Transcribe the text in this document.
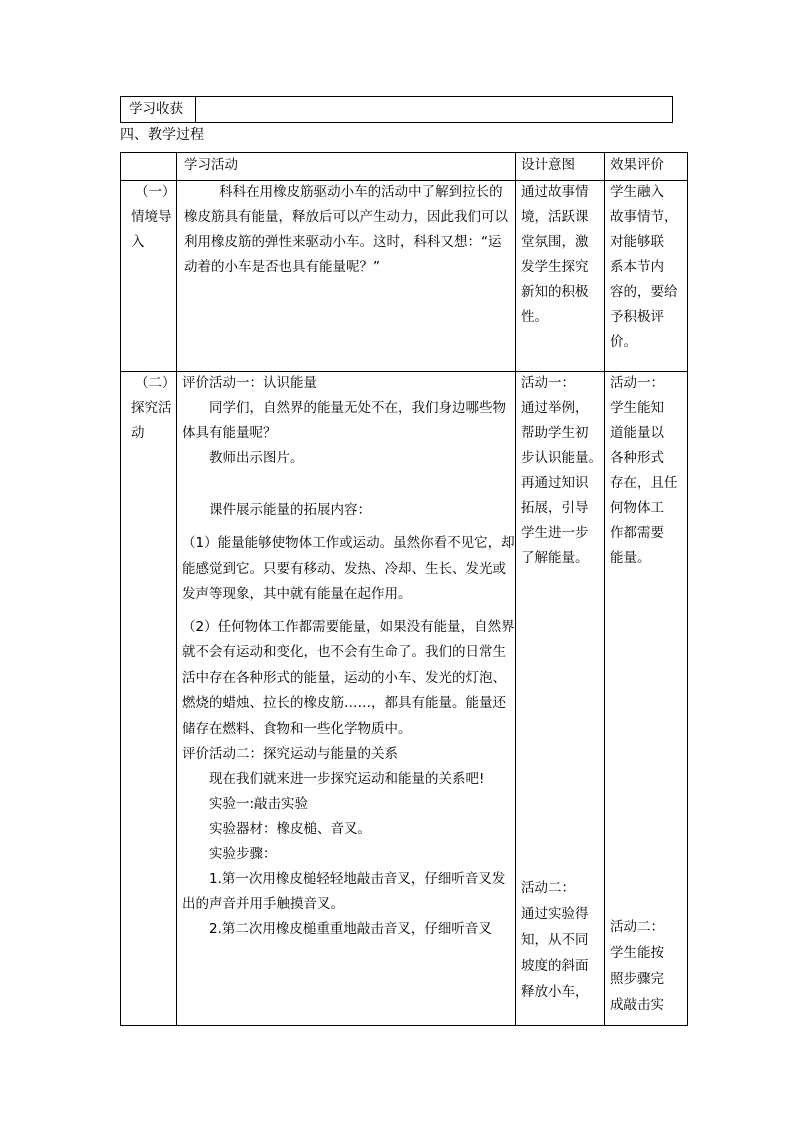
学习收获
四、教学过程
学习活动	设计意图	效果评价
（一）
情境导
入

科科在用橡皮筋驱动小车的活动中了解到拉长的橡皮筋具有能量，释放后可以产生动力，因此我们可以利用橡皮筋的弹性来驱动小车。这时，科科又想：“运动着的小车是否也具有能量呢？”

通过故事情
境，活跃课
堂氛围，激
发学生探究
新知的积极
性。
学生融入
故事情节，
对能够联
系本节内
容的，要给
予积极评
价。
（二）
探究活
动

评价活动一：认识能量

同学们，自然界的能量无处不在，我们身边哪些物体具有能量呢？

教师出示图片。

课件展示能量的拓展内容：

（1）能量能够使物体工作或运动。虽然你看不见它，却能感觉到它。只要有移动、发热、冷却、生长、发光或发声等现象，其中就有能量在起作用。

（2）任何物体工作都需要能量，如果没有能量，自然界就不会有运动和变化，也不会有生命了。我们的日常生活中存在各种形式的能量，运动的小车、发光的灯泡、燃烧的蜡烛、拉长的橡皮筋……，都具有能量。能量还储存在燃料、食物和一些化学物质中。

评价活动二：探究运动与能量的关系

现在我们就来进一步探究运动和能量的关系吧!

实验一:敲击实验

实验器材：橡皮槌、音叉。

实验步骤：

1.第一次用橡皮槌轻轻地敲击音叉，仔细听音叉发出的声音并用手触摸音叉。

2.第二次用橡皮槌重重地敲击音叉，仔细听音叉

活动一：
通过举例，
帮助学生初
步认识能量。
再通过知识
拓展，引导
学生进一步
了解能量。
活动二：
通过实验得
知，从不同
坡度的斜面
释放小车，
活动一：
学生能知
道能量以
各种形式
存在，且任
何物体工
作都需要
能量。
活动二：
学生能按
照步骤完
成敲击实
